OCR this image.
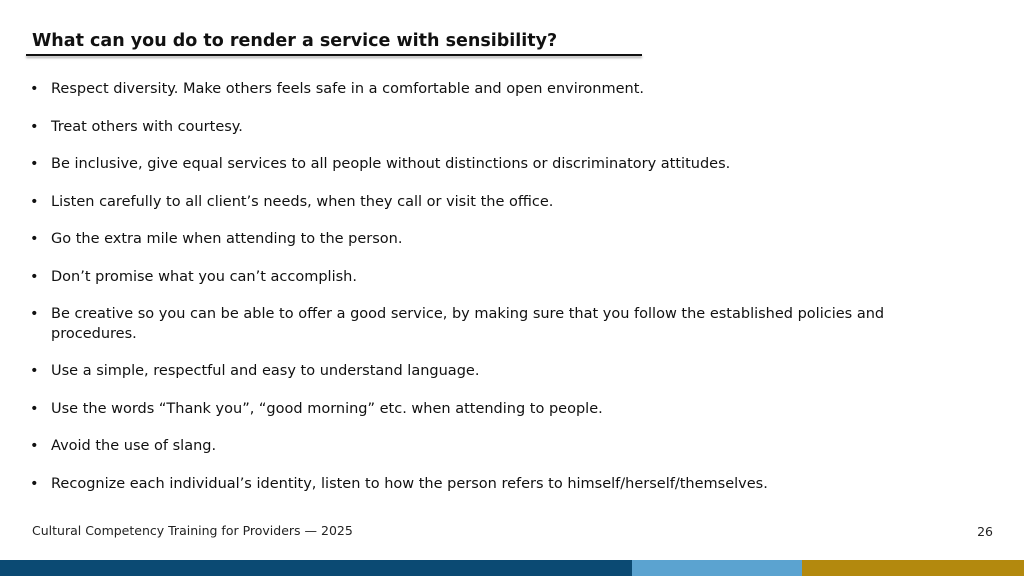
What can you do to render a service with sensibility?
• Respect diversity. Make others feels safe in a comfortable and open environment.
• Treat others with courtesy.
• Be inclusive, give equal services to all people without distinctions or discriminatory attitudes.
• Listen carefully to all client’s needs, when they call or visit the office.
• Go the extra mile when attending to the person.
• Don’t promise what you can’t accomplish.
• Be creative so you can be able to offer a good service, by making sure that you follow the established policies and procedures.
• Use a simple, respectful and easy to understand language.
• Use the words “Thank you”, “good morning” etc. when attending to people.
• Avoid the use of slang.
• Recognize each individual’s identity, listen to how the person refers to himself/herself/themselves.
Cultural Competency Training for Providers — 2025	26
